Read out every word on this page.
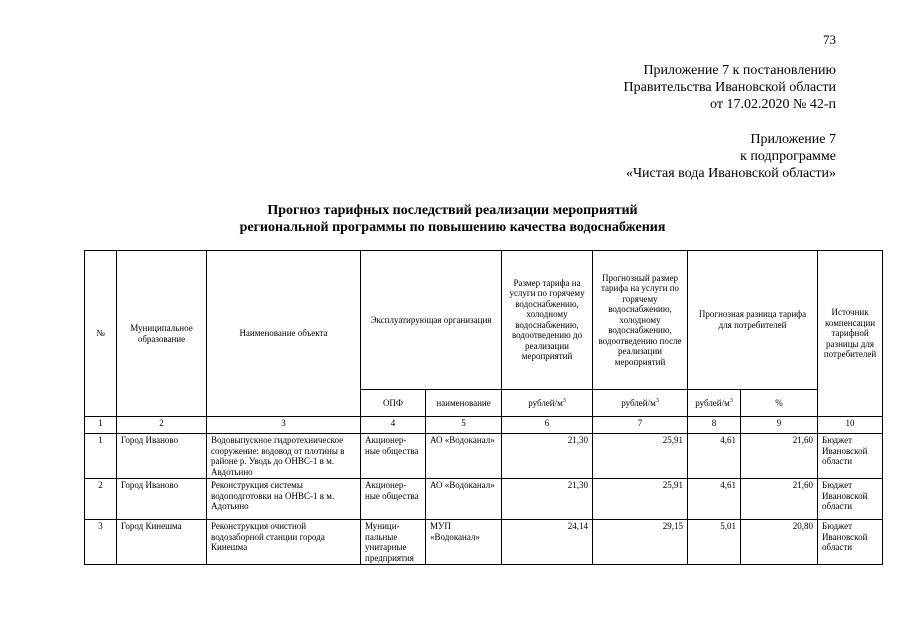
73
Приложение 7 к постановлению
Правительства Ивановской области
от 17.02.2020 № 42-п
Приложение 7
к подпрограмме
«Чистая вода Ивановской области»
Прогноз тарифных последствий реализации мероприятий
региональной программы по повышению качества водоснабжения
№	Муниципальное образование	Наименование объекта	Эксплуатирующая организация		Размер тарифа на услуги по горячему водоснабжению, холодному водоснабжению, водоотведению до реализации мероприятий	Прогнозный размер тарифа на услуги по горячему водоснабжению, холодному водоснабжению, водоотведению после реализации мероприятий	Прогнозная разница тарифа для потребителей		Источник компенсации тарифной разницы для потребителей
			ОПФ	наименование	рублей/$м^3$	рублей/$м^3$	рублей/$м^3$	%	
1	2	3	4	5	6	7	8	9	10
1	Город Иваново	Водовыпускное гидротехническое сооружение: водовод от плотины в районе р. Уводь до ОНВС-1 в м. Авдотьино	Акционер-ные общества	АО «Водоканал»	21,30	25,91	4,61	21,60	Бюджет Ивановской области
2	Город Иваново	Реконструкция системы водоподготовки на ОНВС-1 в м. Адотьино	Акционер-ные общества	АО «Водоканал»	21,30	25,91	4,61	21,60	Бюджет Ивановской области
3	Город Кинешма	Реконструкция очистной водозаборной станции города Кинешма	Муници-пальные унитарные предприятия	МУП «Водоканал»	24,14	29,15	5,01	20,80	Бюджет Ивановской области
